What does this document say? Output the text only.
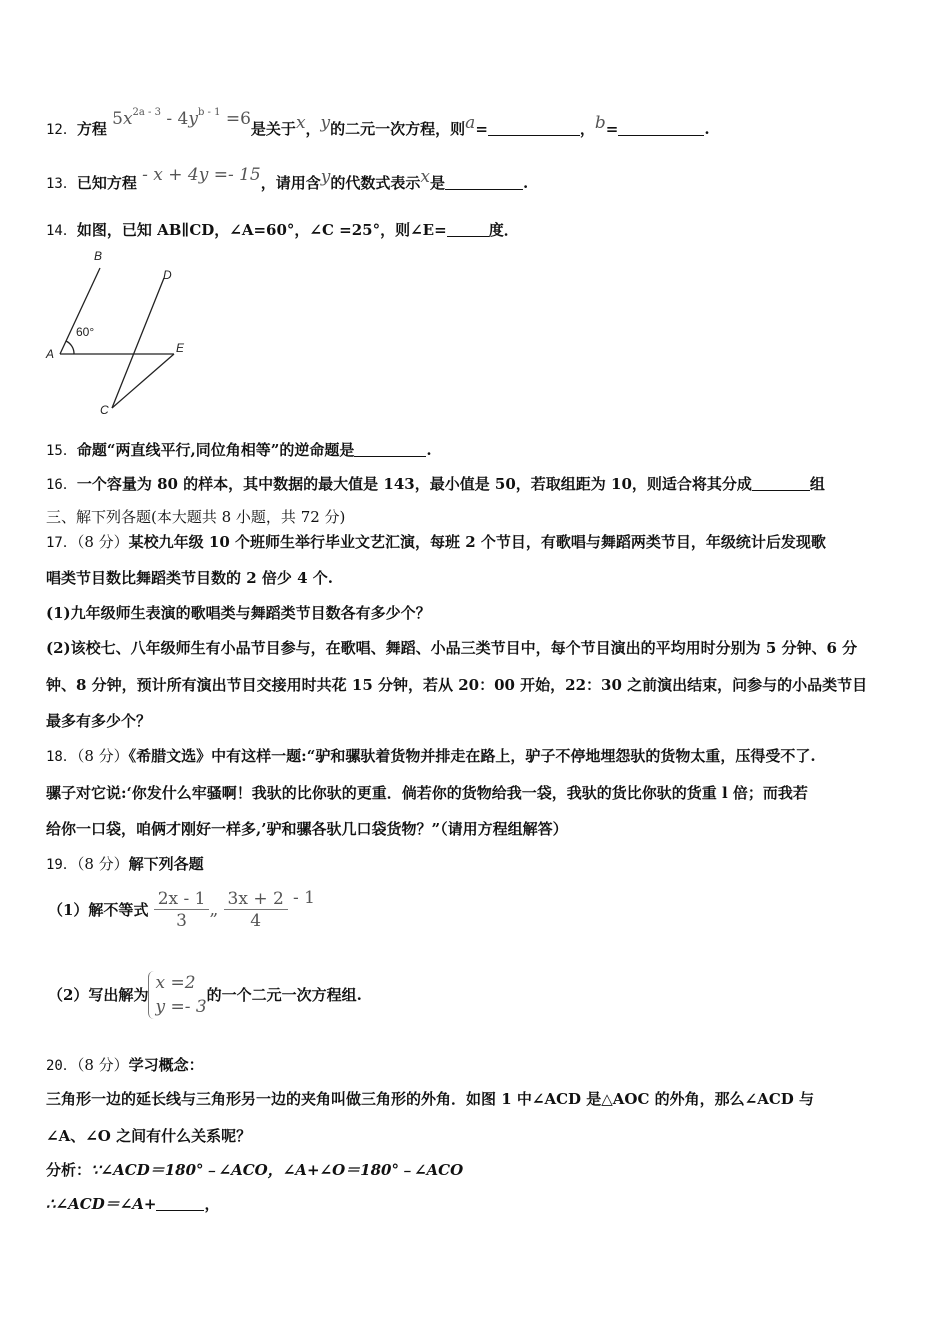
12．方程 $5x^{2a - 3} - 4y^{b - 1} =6$是关于x，y的二元一次方程，则a=	，b=	.
13．已知方程 - x + 4y =- 15，请用含y的代数式表示x是	.
14．如图，已知 AB∥CD，∠A=60°，∠C =25°，则∠E=	度．
B
D
A	E
C
60°
15．命题“两直线平行,同位角相等”的逆命题是	.
16．一个容量为 80 的样本，其中数据的最大值是 143，最小值是 50，若取组距为 10，则适合将其分成	组
三、解下列各题(本大题共 8 小题，共 72 分)
17．（8 分）某校九年级 10 个班师生举行毕业文艺汇演，每班 2 个节目，有歌唱与舞蹈两类节目，年级统计后发现歌
唱类节目数比舞蹈类节目数的 2 倍少 4 个.
(1)九年级师生表演的歌唱类与舞蹈类节目数各有多少个？
(2)该校七、八年级师生有小品节目参与，在歌唱、舞蹈、小品三类节目中，每个节目演出的平均用时分别为 5 分钟、6 分
钟、8 分钟，预计所有演出节目交接用时共花 15 分钟，若从 20：00 开始，22：30 之前演出结束，问参与的小品类节目
最多有多少个？
18．（8 分）《希腊文选》中有这样一题:“驴和骡驮着货物并排走在路上，驴子不停地埋怨驮的货物太重，压得受不了.
骡子对它说:‘你发什么牢骚啊！我驮的比你驮的更重．倘若你的货物给我一袋，我驮的货比你驮的货重 l 倍；而我若
给你一口袋，咱俩才刚好一样多,’驴和骡各驮几口袋货物？”（请用方程组解答）
19．（8 分）解下列各题
（1）解不等式 $\frac{2x - 1}{3}$ „ $\frac{3x + 2}{4} - 1$
（2）写出解为
x =2
y =- 3
的一个二元一次方程组.
20．（8 分）学习概念：
三角形一边的延长线与三角形另一边的夹角叫做三角形的外角．如图 1 中∠ACD 是△AOC 的外角，那么∠ACD 与
∠A、∠O 之间有什么关系呢？
分析：∵∠ACD＝180°﹣∠ACO，∠A+∠O＝180°﹣∠ACO
∴∠ACD＝∠A+	，
